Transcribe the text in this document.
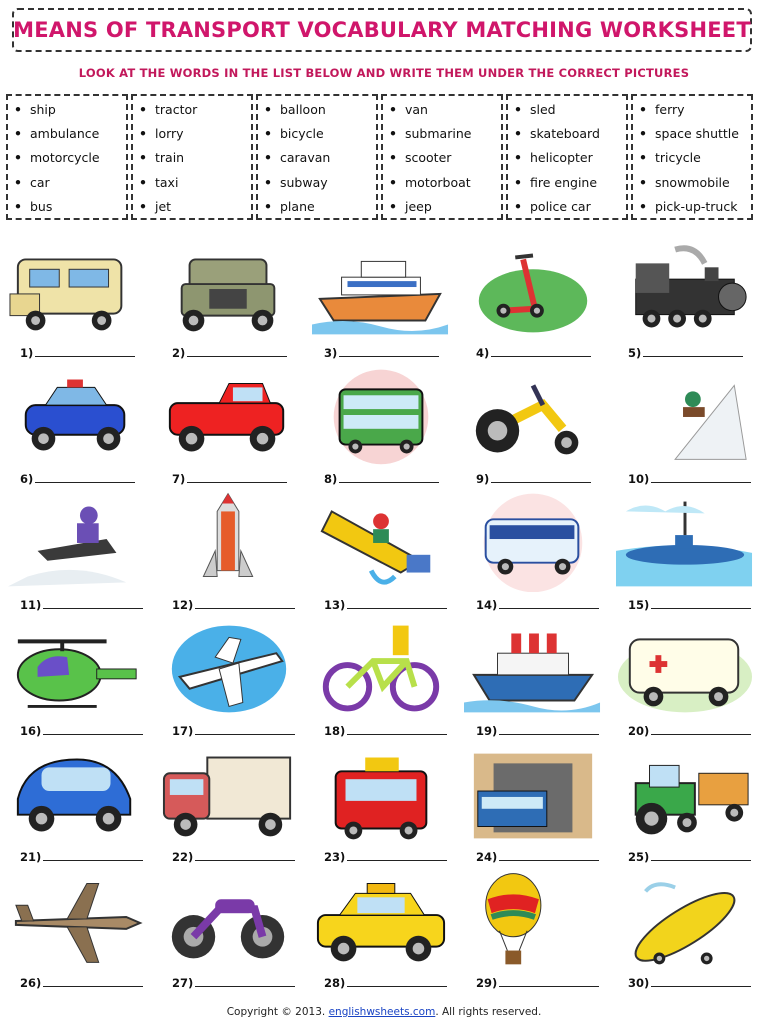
MEANS OF TRANSPORT VOCABULARY MATCHING WORKSHEET
LOOK AT THE WORDS IN THE LIST BELOW AND WRITE THEM UNDER THE CORRECT PICTURES
• ship
• ambulance
• motorcycle
• car
• bus
• tractor
• lorry
• train
• taxi
• jet
• balloon
• bicycle
• caravan
• subway
• plane
• van
• submarine
• scooter
• motorboat
• jeep
• sled
• skateboard
• helicopter
• fire engine
• police car
• ferry
• space shuttle
• tricycle
• snowmobile
• pick-up-truck
1)	2)	3)	4)	5)
6)	7)	8)	9)	10)
11)	12)	13)	14)	15)
16)	17)	18)	19)	20)
21)	22)	23)	24)	25)
26)	27)	28)	29)	30)
Copyright © 2013. englishwsheets.com. All rights reserved.
